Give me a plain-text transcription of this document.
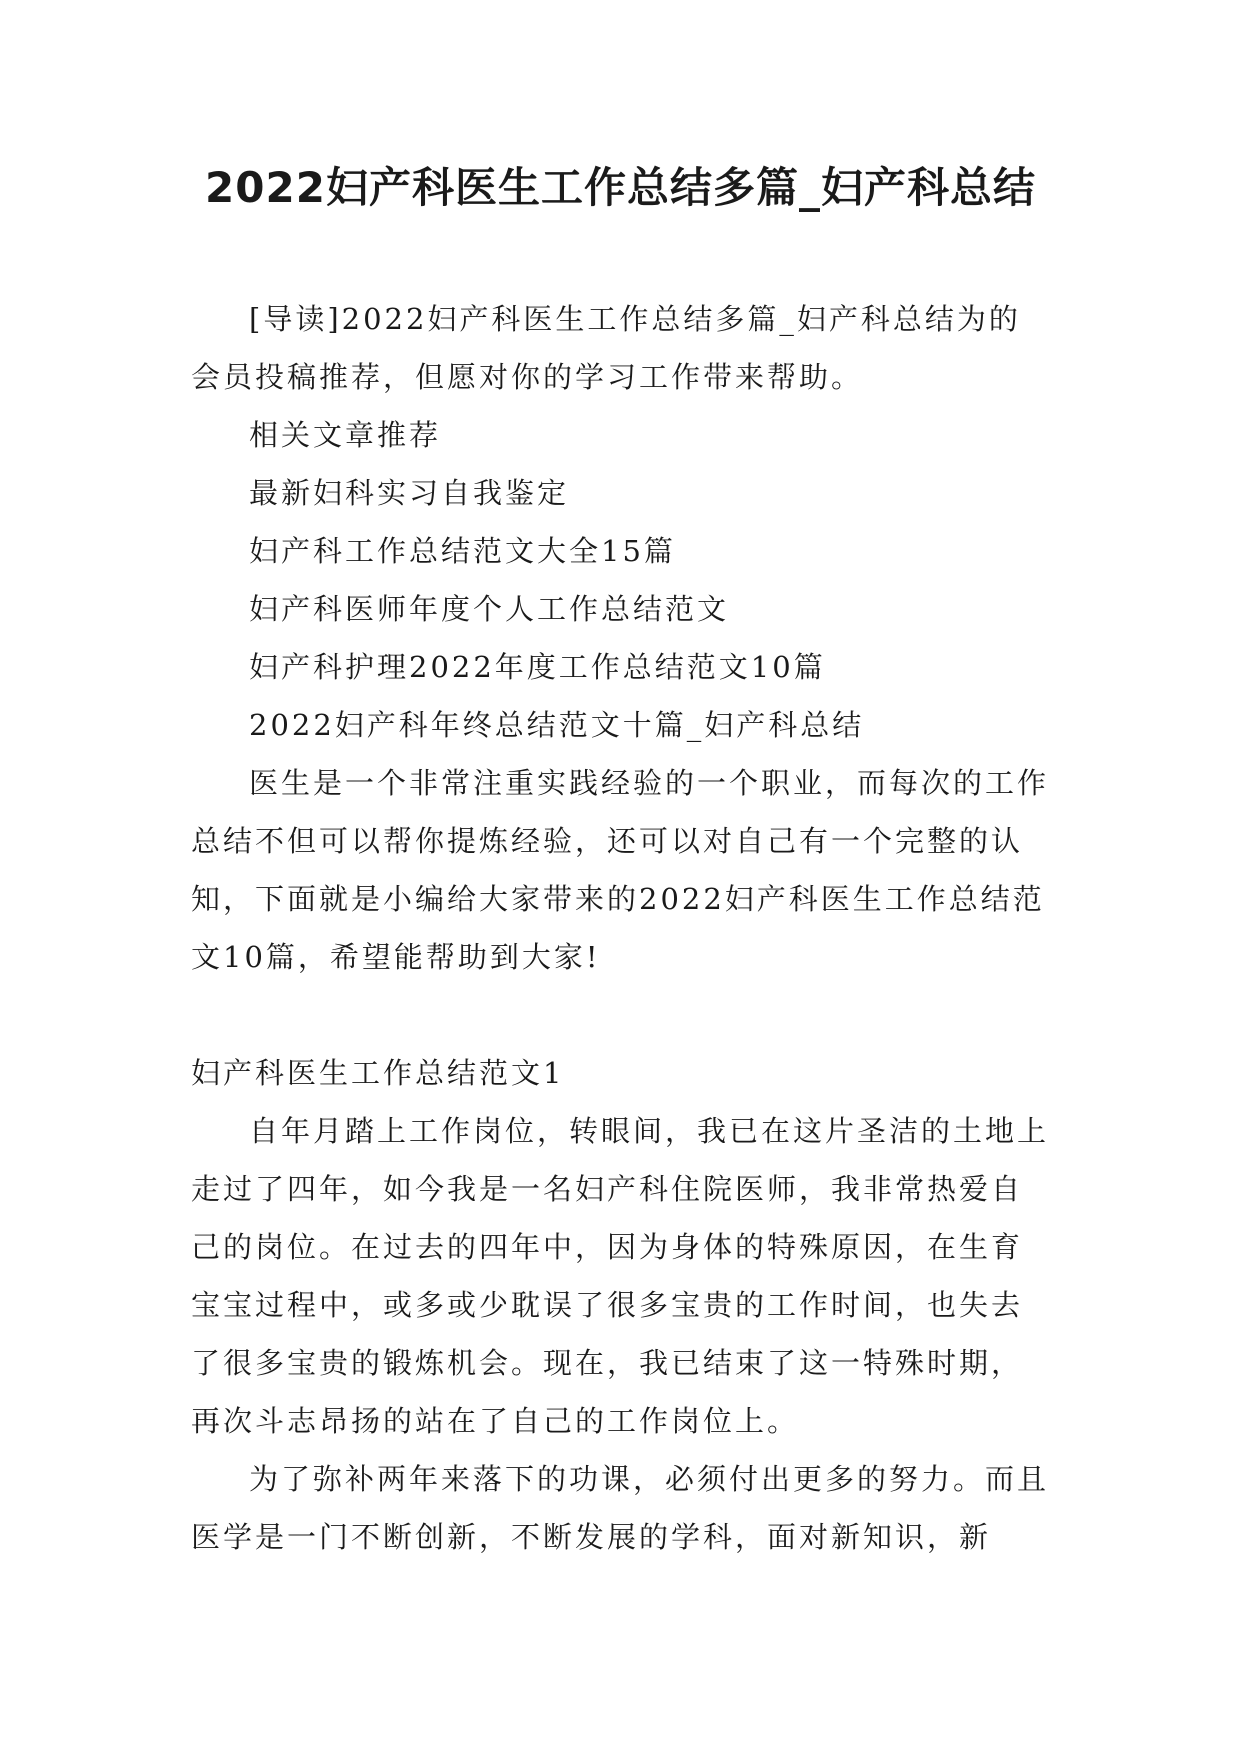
2022妇产科医生工作总结多篇_妇产科总结

[导读]2022妇产科医生工作总结多篇_妇产科总结为的会员投稿推荐，但愿对你的学习工作带来帮助。

相关文章推荐

最新妇科实习自我鉴定

妇产科工作总结范文大全15篇

妇产科医师年度个人工作总结范文

妇产科护理2022年度工作总结范文10篇

2022妇产科年终总结范文十篇_妇产科总结

医生是一个非常注重实践经验的一个职业，而每次的工作总结不但可以帮你提炼经验，还可以对自己有一个完整的认知，下面就是小编给大家带来的2022妇产科医生工作总结范文10篇，希望能帮助到大家!

妇产科医生工作总结范文1

自年月踏上工作岗位，转眼间，我已在这片圣洁的土地上走过了四年，如今我是一名妇产科住院医师，我非常热爱自己的岗位。在过去的四年中，因为身体的特殊原因，在生育宝宝过程中，或多或少耽误了很多宝贵的工作时间，也失去了很多宝贵的锻炼机会。现在，我已结束了这一特殊时期，再次斗志昂扬的站在了自己的工作岗位上。

为了弥补两年来落下的功课，必须付出更多的努力。而且医学是一门不断创新，不断发展的学科，面对新知识，新
